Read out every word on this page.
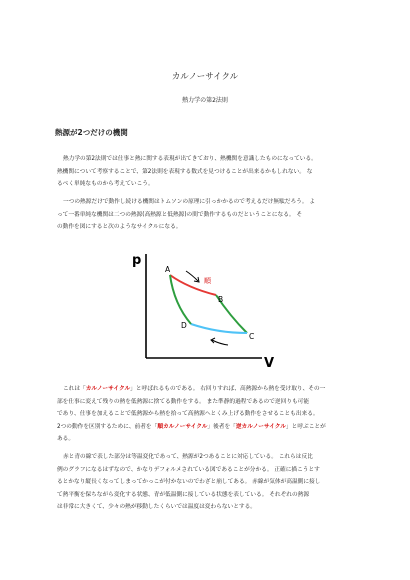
カルノーサイクル
熱力学の第2法則
熱源が2つだけの機関
熱力学の第2法則では仕事と熱に関する表現が出てきており、熱機関を意識したものになっている。
熱機関について考察することで、第2法則を表現する数式を見つけることが出来るかもしれない。 な
るべく単純なものから考えていこう。
一つの熱源だけで動作し続ける機関はトムソンの原理に引っかかるので考えるだけ無駄だろう。 よ
って一番単純な機関は二つの熱源(高熱源と低熱源)の間で動作するものだということになる。 そ
の動作を図にすると次のようなサイクルになる。
p
V
A
B
C
D
順
これは「カルノーサイクル」と呼ばれるものである。 右回りすれば、高熱源から熱を受け取り、その一
部を仕事に変えて残りの熱を低熱源に捨てる動作をする。 また準静的過程であるので逆回りも可能
であり、仕事を加えることで低熱源から熱を拾って高熱源へとくみ上げる動作をさせることも出来る。
2つの動作を区別するために、前者を「順カルノーサイクル」後者を「逆カルノーサイクル」と呼ぶことが
ある。
赤と青の線で表した部分は等温変化であって、熱源が2つあることに対応している。 これらは反比
例のグラフになるはずなので、かなりデフォルメされている図であることが分かる。 正確に描こうとす
るとかなり縦長くなってしまってかっこが付かないのでわざと崩してある。 赤線が気体が高温側に接し
て熱平衡を保ちながら変化する状態、青が低温側に接している状態を表している。 それぞれの熱源
は非常に大きくて、少々の熱が移動したくらいでは温度は変わらないとする。
